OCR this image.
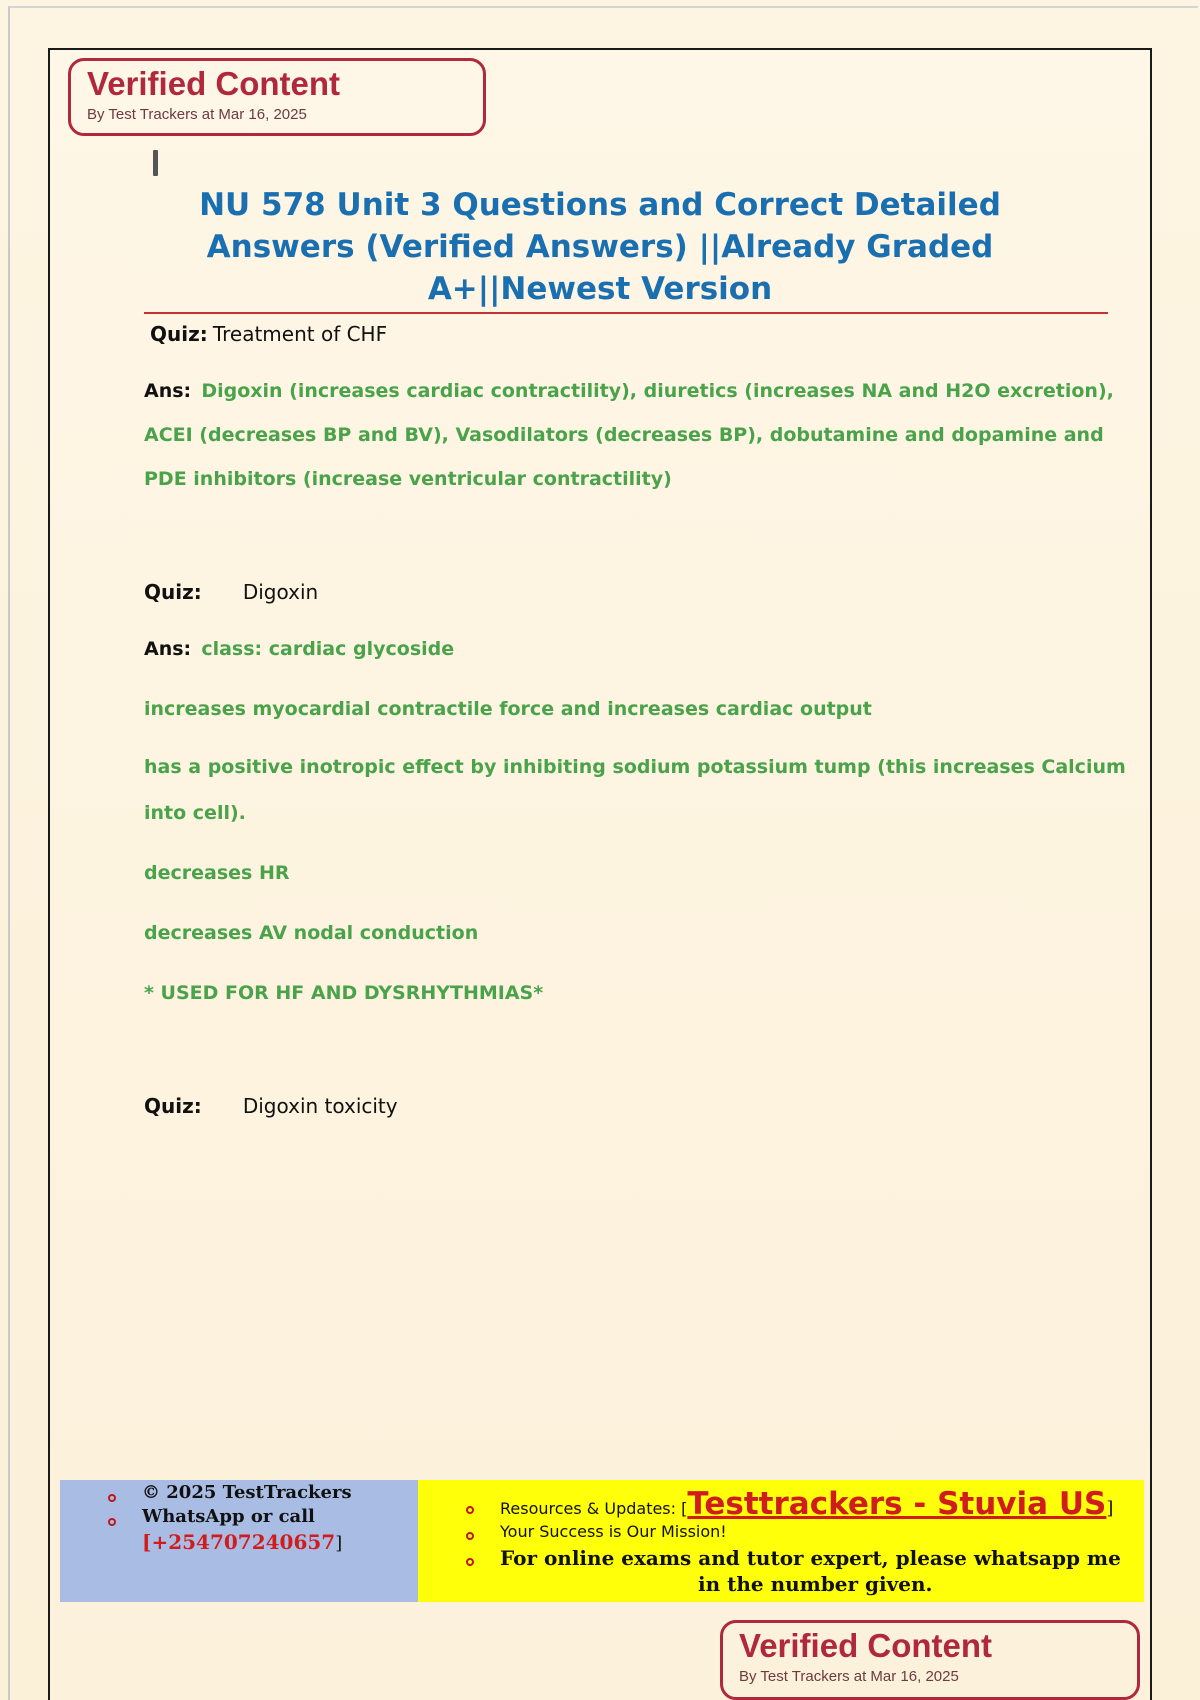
Verified Content
By Test Trackers at Mar 16, 2025
NU 578 Unit 3 Questions and Correct Detailed
Answers (Verified Answers) ||Already Graded
A+||Newest Version
Quiz: Treatment of CHF
Ans: Digoxin (increases cardiac contractility), diuretics (increases NA and H2O excretion),
ACEI (decreases BP and BV), Vasodilators (decreases BP), dobutamine and dopamine and
PDE inhibitors (increase ventricular contractility)
Quiz: Digoxin
Ans: class: cardiac glycoside
increases myocardial contractile force and increases cardiac output
has a positive inotropic effect by inhibiting sodium potassium tump (this increases Calcium
into cell).
decreases HR
decreases AV nodal conduction
* USED FOR HF AND DYSRHYTHMIAS*
Quiz: Digoxin toxicity
© 2025 TestTrackers
WhatsApp or call
[+254707240657]
Resources & Updates: [Testtrackers - Stuvia US]
Your Success is Our Mission!
For online exams and tutor expert, please whatsapp me
in the number given.
Verified Content
By Test Trackers at Mar 16, 2025
